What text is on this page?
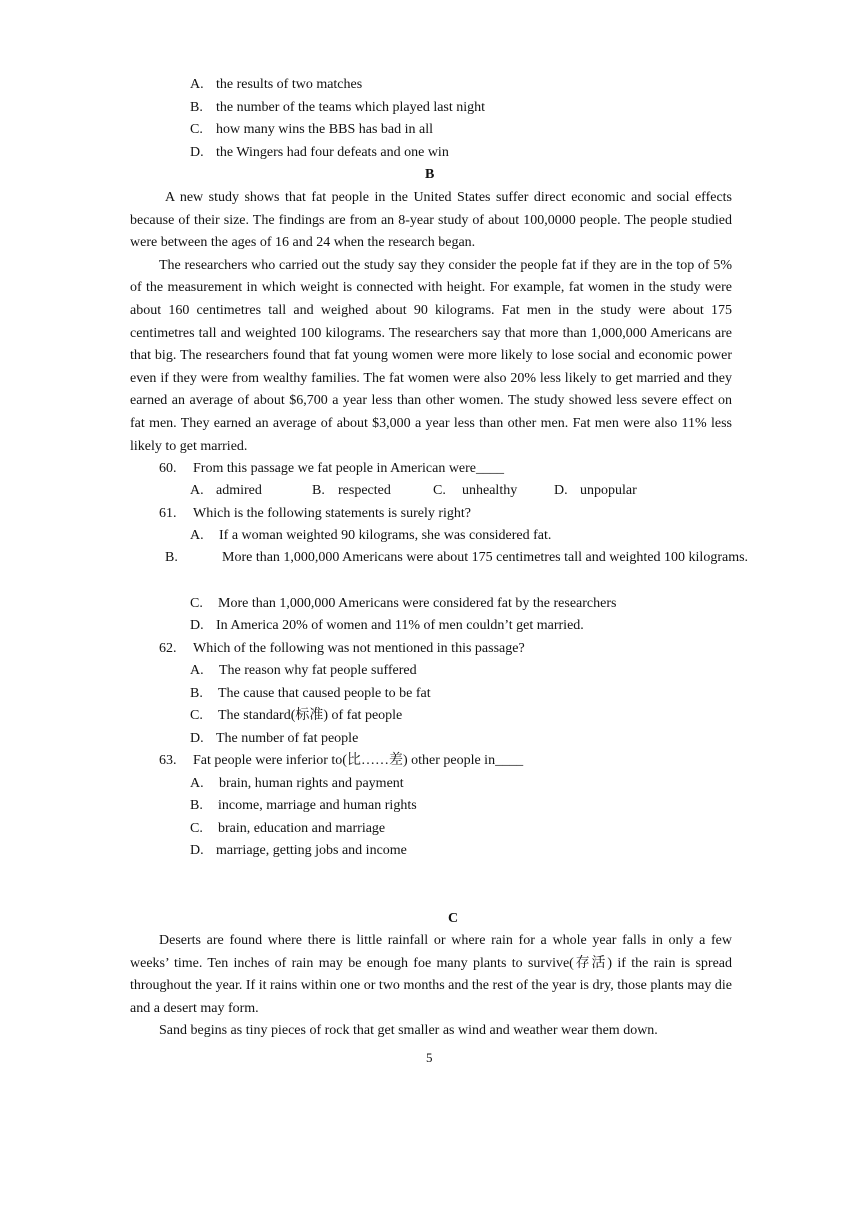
A. the results of two matches
B. the number of the teams which played last night
C. how many wins the BBS has bad in all
D. the Wingers had four defeats and one win
B

A new study shows that fat people in the United States suffer direct economic and social effects because of their size. The findings are from an 8-year study of about 100,0000 people. The people studied were between the ages of 16 and 24 when the research began.

The researchers who carried out the study say they consider the people fat if they are in the top of 5% of the measurement in which weight is connected with height. For example, fat women in the study were about 160 centimetres tall and weighed about 90 kilograms. Fat men in the study were about 175 centimetres tall and weighted 100 kilograms. The researchers say that more than 1,000,000 Americans are that big. The researchers found that fat young women were more likely to lose social and economic power even if they were from wealthy families. The fat women were also 20% less likely to get married and they earned an average of about $6,700 a year less than other women. The study showed less severe effect on fat men. They earned an average of about $3,000 a year less than other men. Fat men were also 11% less likely to get married.

60. From this passage we fat people in American were____
A. admired	B. respected	C. unhealthy	D. unpopular
61. Which is the following statements is surely right?
A. If a woman weighted 90 kilograms, she was considered fat.
B.	More than 1,000,000 Americans were about 175 centimetres tall and weighted 100 kilograms.
C. More than 1,000,000 Americans were considered fat by the researchers
D. In America 20% of women and 11% of men couldn’t get married.
62. Which of the following was not mentioned in this passage?
A. The reason why fat people suffered
B. The cause that caused people to be fat
C. The standard(标准) of fat people
D. The number of fat people
63. Fat people were inferior to(比……差) other people in____
A. brain, human rights and payment
B. income, marriage and human rights
C. brain, education and marriage
D. marriage, getting jobs and income
C

Deserts are found where there is little rainfall or where rain for a whole year falls in only a few weeks’ time. Ten inches of rain may be enough foe many plants to survive(存活) if the rain is spread throughout the year. If it rains within one or two months and the rest of the year is dry, those plants may die and a desert may form.

Sand begins as tiny pieces of rock that get smaller as wind and weather wear them down.

5
